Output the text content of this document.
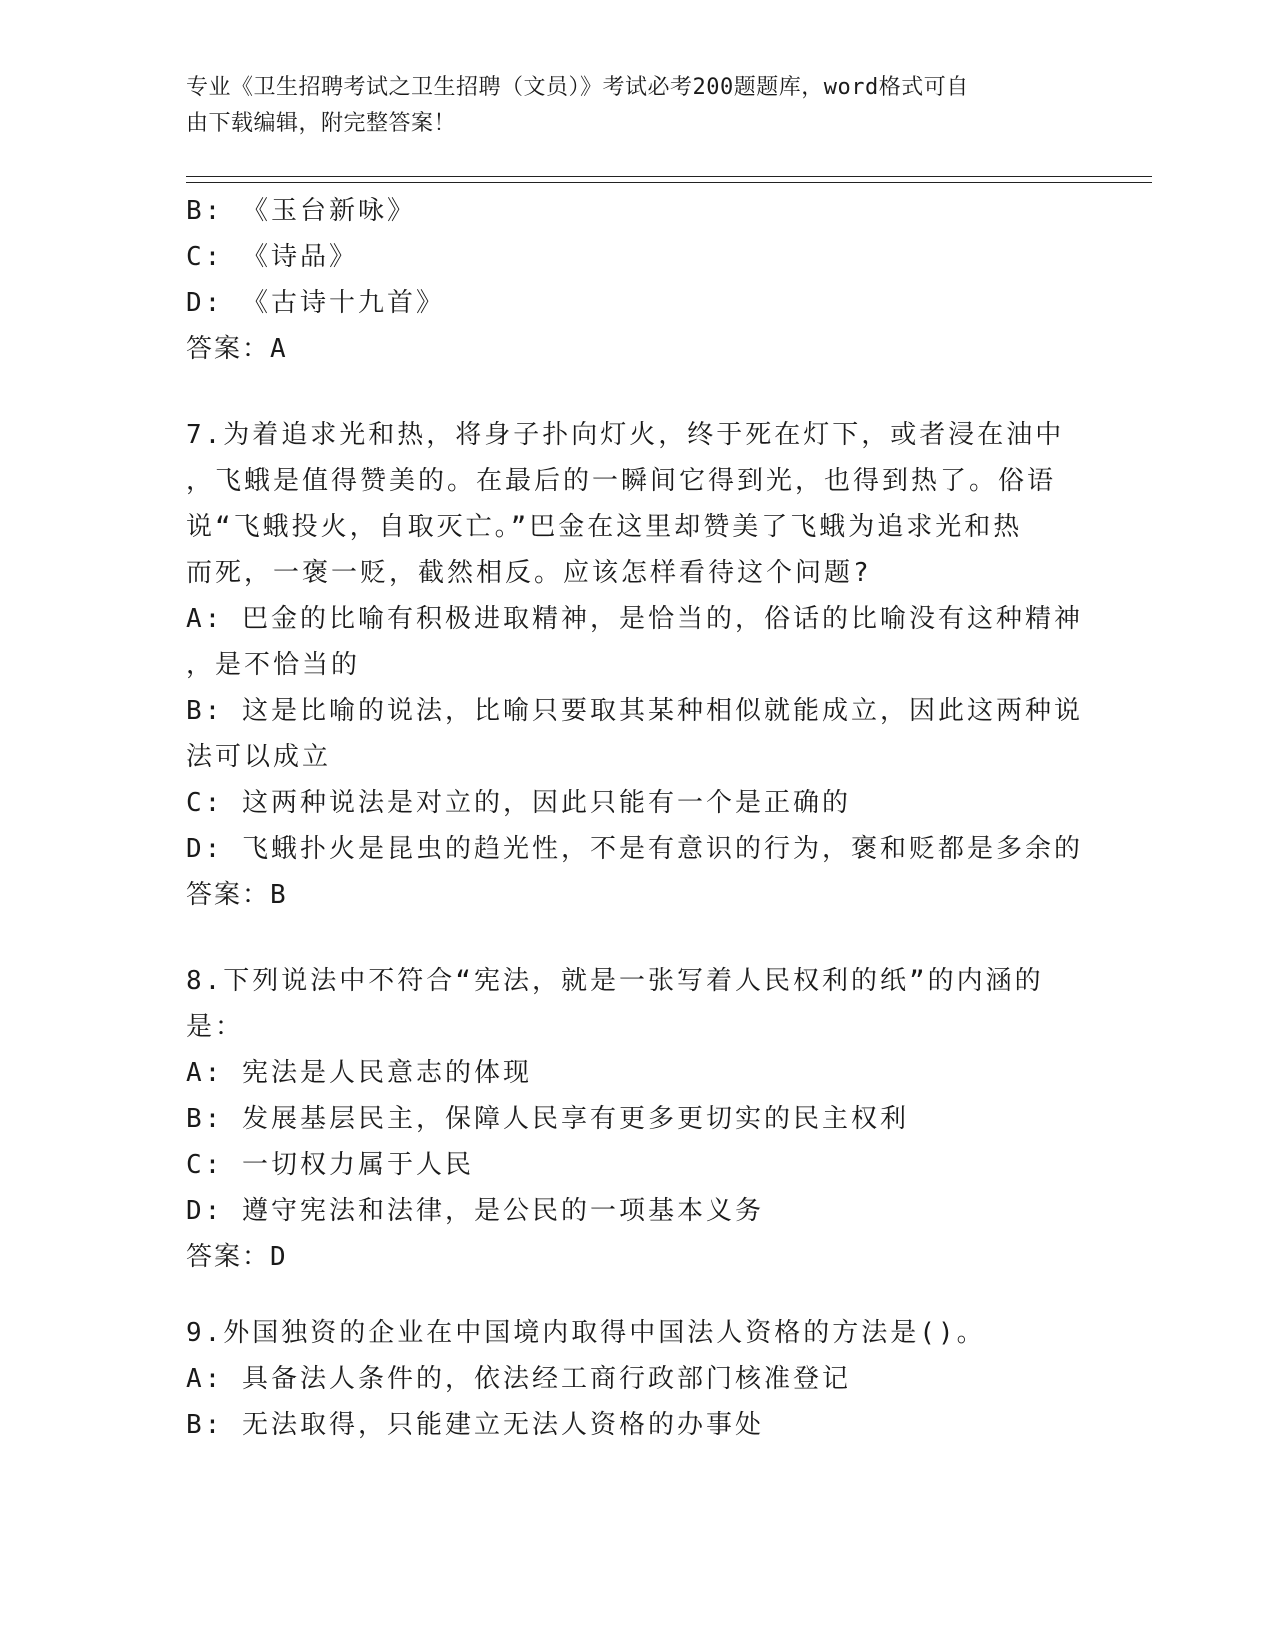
专业《卫生招聘考试之卫生招聘（文员）》考试必考200题题库，word格式可自
由下载编辑，附完整答案！
B: 《玉台新咏》
C: 《诗品》
D: 《古诗十九首》
答案：A
7.为着追求光和热，将身子扑向灯火，终于死在灯下，或者浸在油中
，飞蛾是值得赞美的。在最后的一瞬间它得到光，也得到热了。俗语
说“飞蛾投火，自取灭亡。”巴金在这里却赞美了飞蛾为追求光和热
而死，一褒一贬，截然相反。应该怎样看待这个问题?
A: 巴金的比喻有积极进取精神，是恰当的，俗话的比喻没有这种精神
，是不恰当的
B: 这是比喻的说法，比喻只要取其某种相似就能成立，因此这两种说
法可以成立
C: 这两种说法是对立的，因此只能有一个是正确的
D: 飞蛾扑火是昆虫的趋光性，不是有意识的行为，褒和贬都是多余的
答案：B
8.下列说法中不符合“宪法，就是一张写着人民权利的纸”的内涵的
是：
A: 宪法是人民意志的体现
B: 发展基层民主，保障人民享有更多更切实的民主权利
C: 一切权力属于人民
D: 遵守宪法和法律，是公民的一项基本义务
答案：D
9.外国独资的企业在中国境内取得中国法人资格的方法是()。
A: 具备法人条件的，依法经工商行政部门核准登记
B: 无法取得，只能建立无法人资格的办事处
